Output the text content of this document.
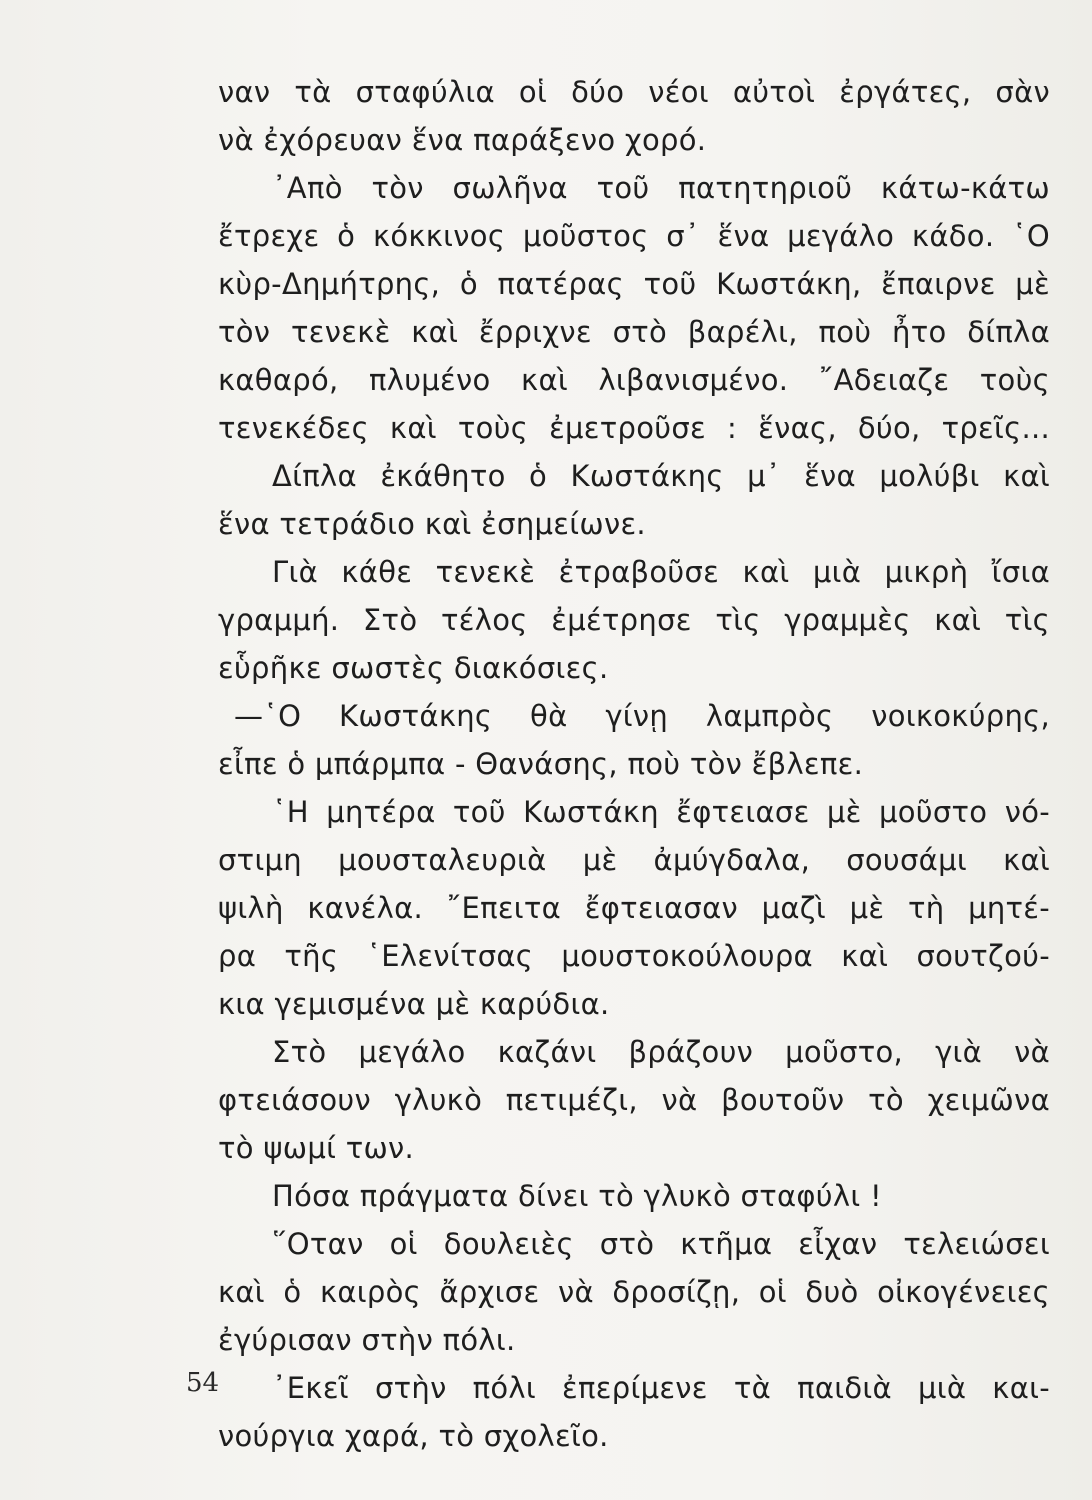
ναν τὰ σταφύλια οἱ δύο νέοι αὐτοὶ ἐργάτες, σὰν
νὰ ἐχόρευαν ἕνα παράξενο χορό.
᾿Απὸ τὸν σωλῆνα τοῦ πατητηριοῦ κάτω-κάτω
ἔτρεχε ὁ κόκκινος μοῦστος σ᾿ ἕνα μεγάλο κάδο. ῾Ο
κὺρ-Δημήτρης, ὁ πατέρας τοῦ Κωστάκη, ἔπαιρνε μὲ
τὸν τενεκὲ καὶ ἔρριχνε στὸ βαρέλι, ποὺ ἦτο δίπλα
καθαρό, πλυμένο καὶ λιβανισμένο. ῎Αδειαζε τοὺς
τενεκέδες καὶ τοὺς ἐμετροῦσε : ἕνας, δύο, τρεῖς...
Δίπλα ἐκάθητο ὁ Κωστάκης μ᾿ ἕνα μολύβι καὶ
ἕνα τετράδιο καὶ ἐσημείωνε.
Γιὰ κάθε τενεκὲ ἐτραβοῦσε καὶ μιὰ μικρὴ ἴσια
γραμμή. Στὸ τέλος ἐμέτρησε τὶς γραμμὲς καὶ τὶς
εὗρῆκε σωστὲς διακόσιες.
—῾Ο Κωστάκης θὰ γίνῃ λαμπρὸς νοικοκύρης,
εἶπε ὁ μπάρμπα - Θανάσης, ποὺ τὸν ἔβλεπε.
῾Η μητέρα τοῦ Κωστάκη ἔφτειασε μὲ μοῦστο νό-
στιμη μουσταλευριὰ μὲ ἀμύγδαλα, σουσάμι καὶ
ψιλὴ κανέλα. ῎Επειτα ἔφτειασαν μαζὶ μὲ τὴ μητέ-
ρα τῆς ῾Ελενίτσας μουστοκούλουρα καὶ σουτζού-
κια γεμισμένα μὲ καρύδια.
Στὸ μεγάλο καζάνι βράζουν μοῦστο, γιὰ νὰ
φτειάσουν γλυκὸ πετιμέζι, νὰ βουτοῦν τὸ χειμῶνα
τὸ ψωμί των.
Πόσα πράγματα δίνει τὸ γλυκὸ σταφύλι !
῞Οταν οἱ δουλειὲς στὸ κτῆμα εἶχαν τελειώσει
καὶ ὁ καιρὸς ἄρχισε νὰ δροσίζῃ, οἱ δυὸ οἰκογένειες
ἐγύρισαν στὴν πόλι.
᾿Εκεῖ στὴν πόλι ἐπερίμενε τὰ παιδιὰ μιὰ και-
νούργια χαρά, τὸ σχολεῖο.
54
